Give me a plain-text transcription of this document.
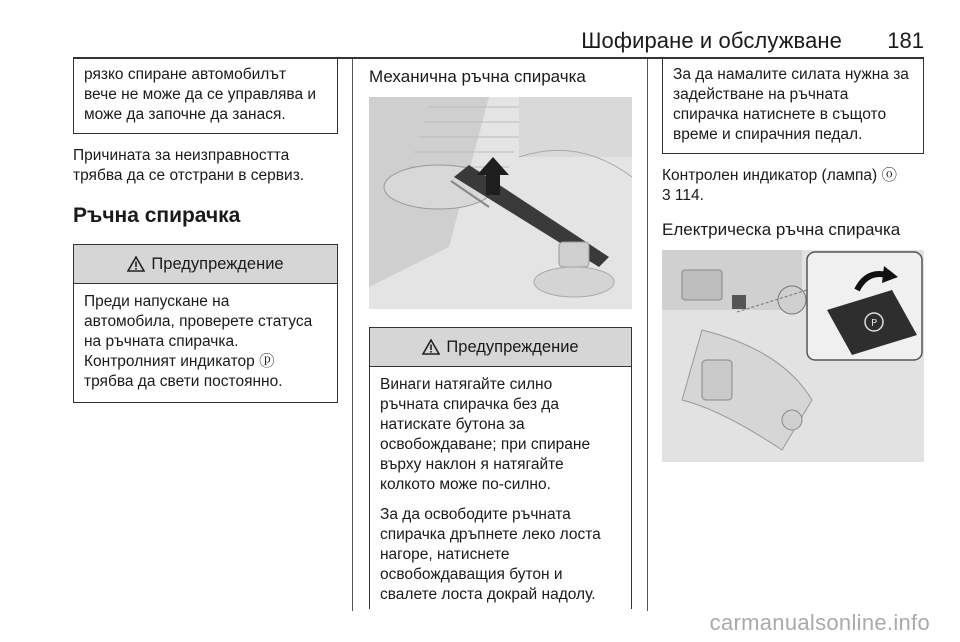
Шофиране и обслужване 181
рязко спиране автомобилът
вече не може да се управлява и
може да започне да занася.
Причината за неизправността
трябва да се отстрани в сервиз.
Ръчна спирачка
Предупреждение
Преди напускане на
автомобила, проверете статуса
на ръчната спирачка.
Контролният индикатор ⓟ
трябва да свети постоянно.
Механична ръчна спирачка
Предупреждение
Винаги натягайте силно
ръчната спирачка без да
натискате бутона за
освобождаване; при спиране
върху наклон я натягайте
колкото може по-силно.
За да освободите ръчната
спирачка дръпнете леко лоста
нагоре, натиснете
освобождаващия бутон и
свалете лоста докрай надолу.
За да намалите силата нужна за
задействане на ръчната
спирачка натиснете в същото
време и спирачния педал.
Контролен индикатор (лампа) ⓞ
3 114.
Електрическа ръчна спирачка
P
carmanualsonline.info
